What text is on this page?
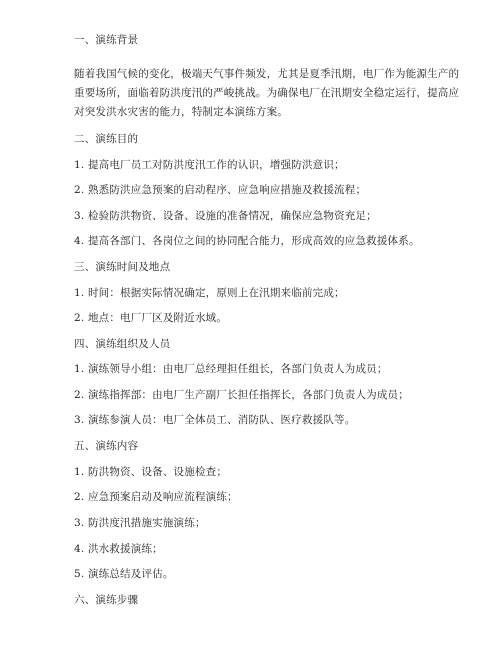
一、演练背景
随着我国气候的变化，极端天气事件频发，尤其是夏季汛期，电厂作为能源生产的
重要场所，面临着防洪度汛的严峻挑战。为确保电厂在汛期安全稳定运行，提高应
对突发洪水灾害的能力，特制定本演练方案。
二、演练目的
1. 提高电厂员工对防洪度汛工作的认识，增强防洪意识；
2. 熟悉防洪应急预案的启动程序、应急响应措施及救援流程；
3. 检验防洪物资、设备、设施的准备情况，确保应急物资充足；
4. 提高各部门、各岗位之间的协同配合能力，形成高效的应急救援体系。
三、演练时间及地点
1. 时间：根据实际情况确定，原则上在汛期来临前完成；
2. 地点：电厂厂区及附近水域。
四、演练组织及人员
1. 演练领导小组：由电厂总经理担任组长，各部门负责人为成员；
2. 演练指挥部：由电厂生产副厂长担任指挥长，各部门负责人为成员；
3. 演练参演人员：电厂全体员工、消防队、医疗救援队等。
五、演练内容
1. 防洪物资、设备、设施检查；
2. 应急预案启动及响应流程演练；
3. 防洪度汛措施实施演练；
4. 洪水救援演练；
5. 演练总结及评估。
六、演练步骤
